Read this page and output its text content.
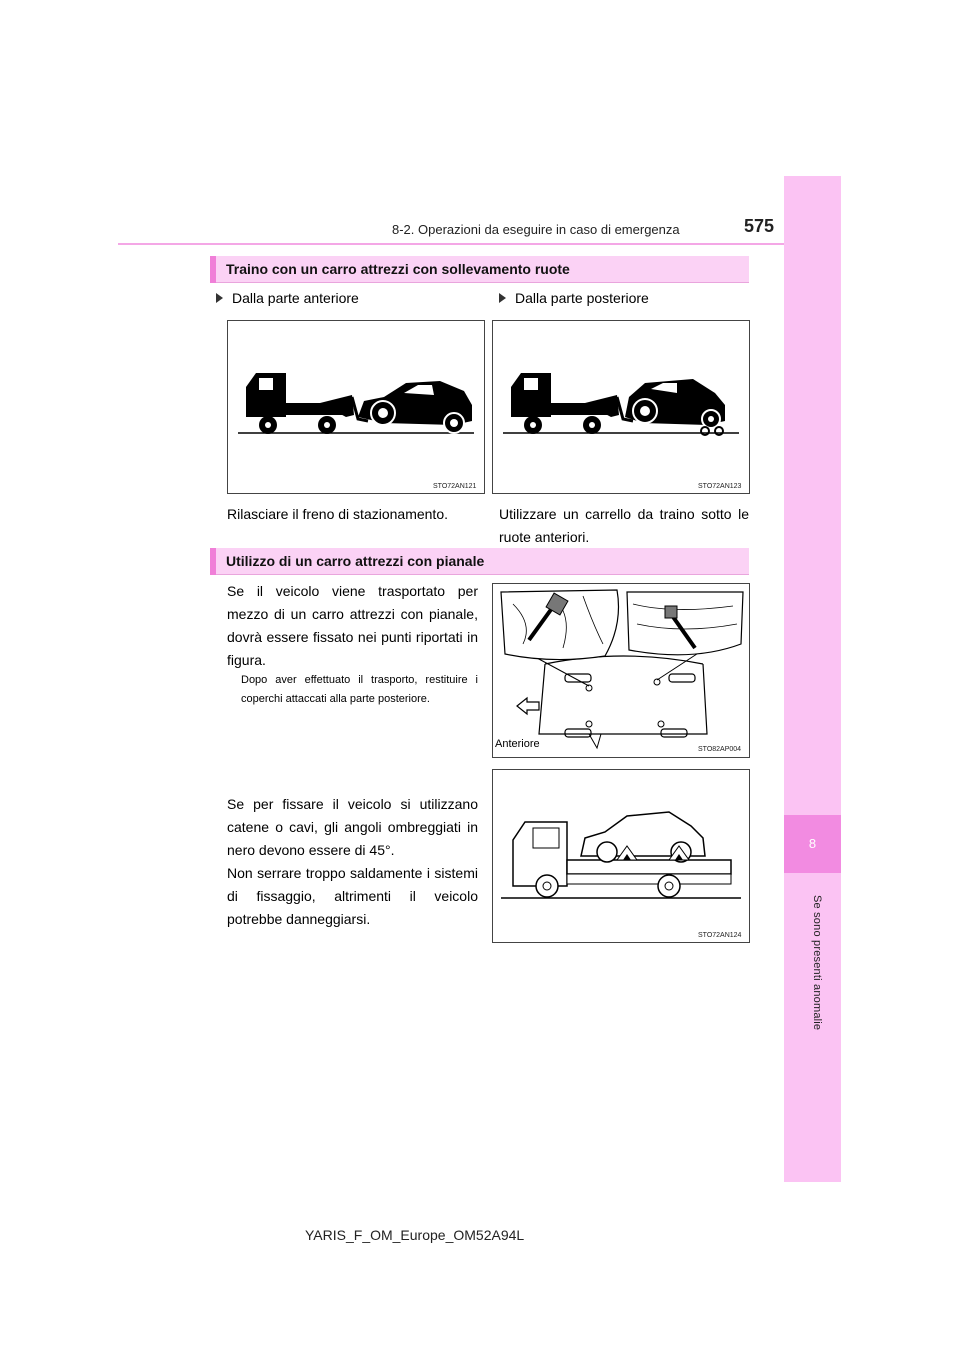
8
Se sono presenti anomalie
8-2. Operazioni da eseguire in caso di emergenza	575
Traino con un carro attrezzi con sollevamento ruote
Dalla parte anteriore	Dalla parte posteriore
STO72AN121	STO72AN123
Rilasciare il freno di stazionamento.	Utilizzare un carrello da traino sotto le ruote anteriori.
Utilizzo di un carro attrezzi con pianale
Se il veicolo viene trasportato per mezzo di un carro attrezzi con pianale, dovrà essere fissato nei punti riportati in figura.
Dopo aver effettuato il trasporto, restituire i coperchi attaccati alla parte posteriore.
Anteriore	STO82AP004
Se per fissare il veicolo si utilizzano catene o cavi, gli angoli ombreggiati in nero devono essere di 45°.
Non serrare troppo saldamente i sistemi di fissaggio, altrimenti il veicolo potrebbe danneggiarsi.
STO72AN124
YARIS_F_OM_Europe_OM52A94L
